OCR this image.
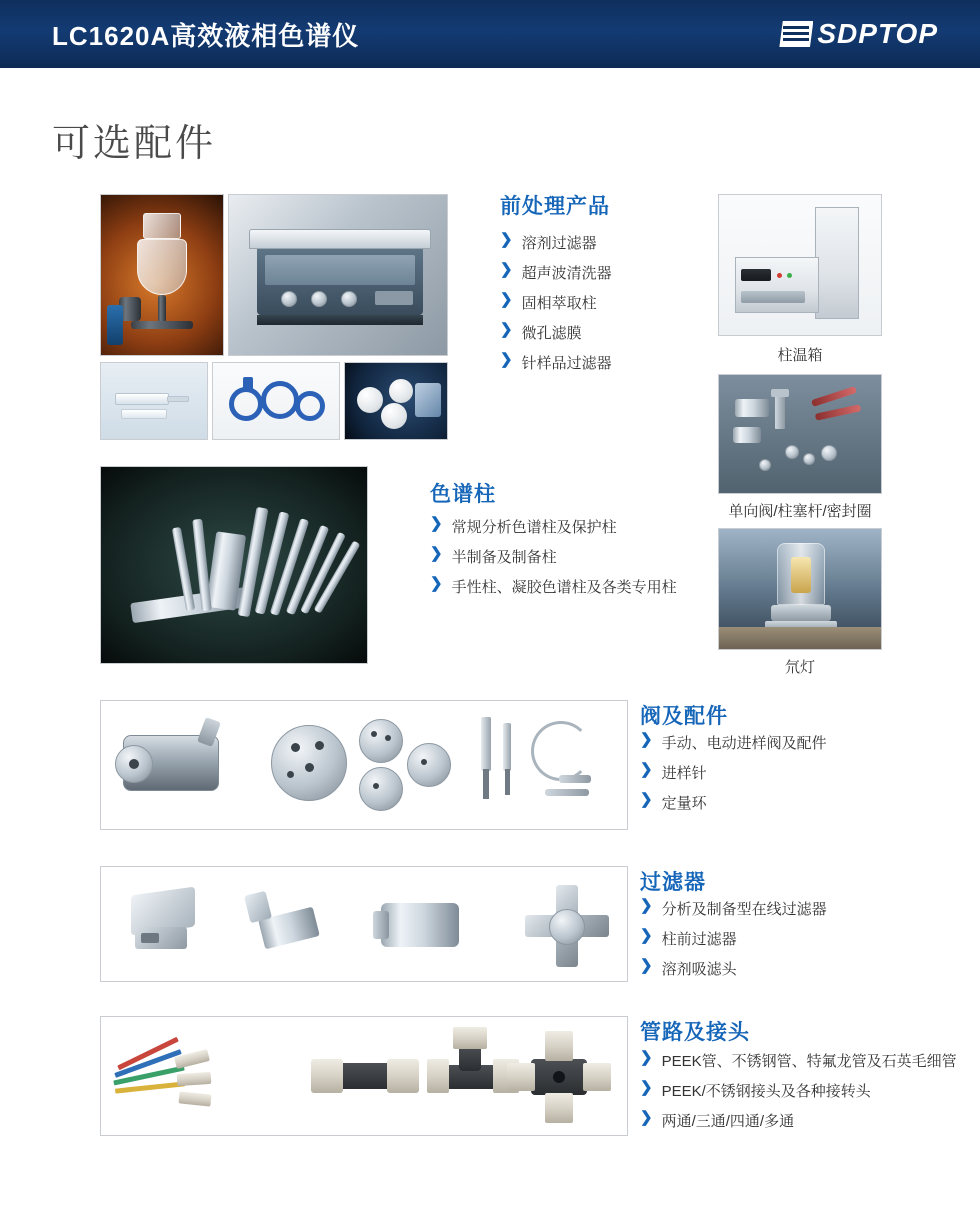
LC1620A高效液相色谱仪	SDPTOP
可选配件
前处理产品
❯ 溶剂过滤器
❯ 超声波清洗器
❯ 固相萃取柱
❯ 微孔滤膜
❯ 针样品过滤器	柱温箱
单向阀/柱塞杆/密封圈
氘灯
色谱柱
❯ 常规分析色谱柱及保护柱
❯ 半制备及制备柱
❯ 手性柱、凝胶色谱柱及各类专用柱
阀及配件
❯ 手动、电动进样阀及配件
❯ 进样针
❯ 定量环
过滤器
❯ 分析及制备型在线过滤器
❯ 柱前过滤器
❯ 溶剂吸滤头
管路及接头
❯ PEEK管、不锈钢管、特氟龙管及石英毛细管
❯ PEEK/不锈钢接头及各种接转头
❯ 两通/三通/四通/多通
